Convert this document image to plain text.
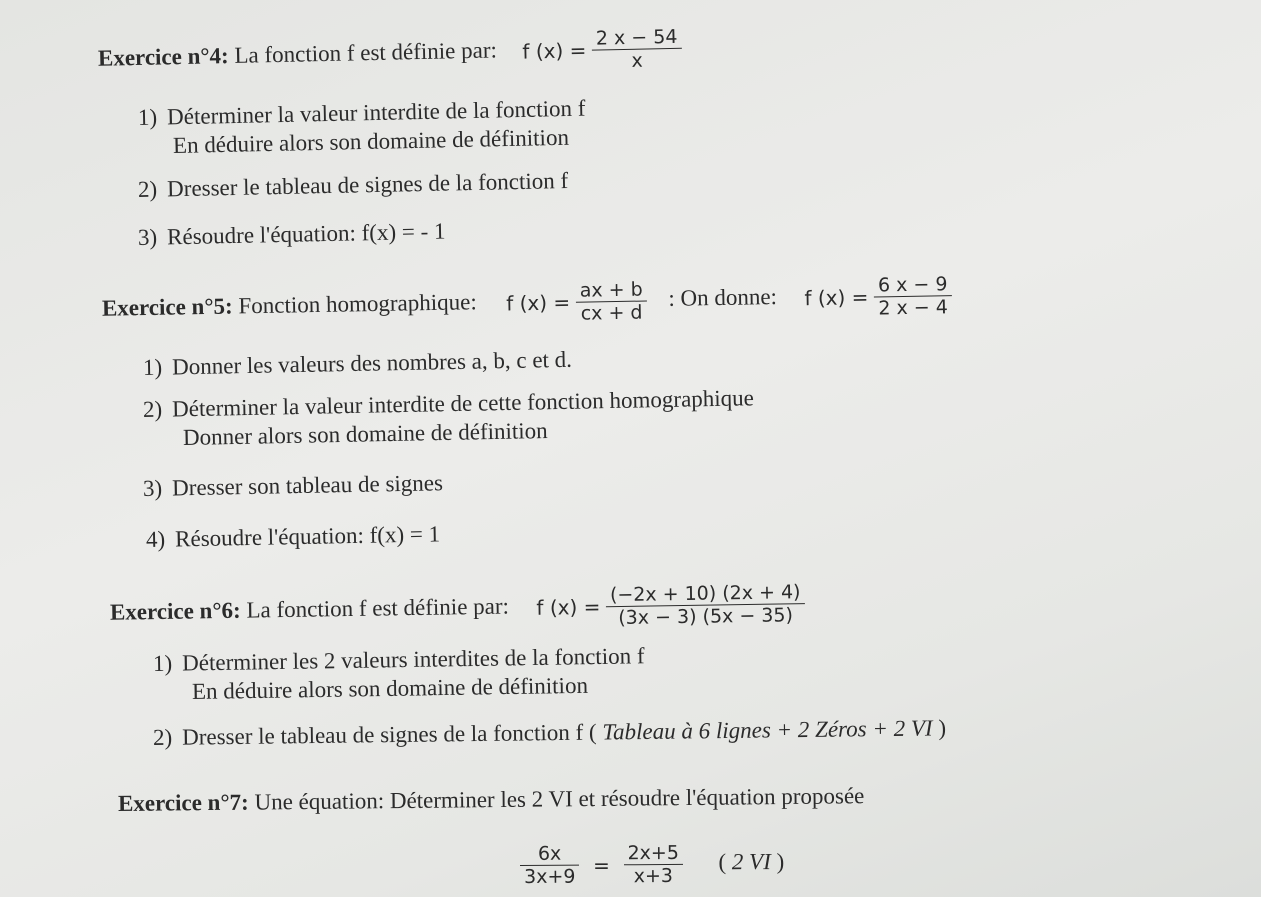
Exercice n°4: La fonction f est définie par: f $(x) = \frac{2 x - 54}{x}$
1) Déterminer la valeur interdite de la fonction f
En déduire alors son domaine de définition
2) Dresser le tableau de signes de la fonction f
3) Résoudre l'équation: f(x) = - 1
Exercice n°5: Fonction homographique: f $(x) = \frac{ax + b}{cx + d}$ : On donne: f $(x) = \frac{6 x - 9}{2 x - 4}$
1) Donner les valeurs des nombres a, b, c et d.
2) Déterminer la valeur interdite de cette fonction homographique
Donner alors son domaine de définition
3) Dresser son tableau de signes
4) Résoudre l'équation: f(x) = 1
Exercice n°6: La fonction f est définie par: f $(x) = \frac{(-2x + 10) (2x + 4)}{(3x - 3) (5x - 35)}$
1) Déterminer les 2 valeurs interdites de la fonction f
En déduire alors son domaine de définition
2) Dresser le tableau de signes de la fonction f ( Tableau à 6 lignes + 2 Zéros + 2 VI )
Exercice n°7: Une équation: Déterminer les 2 VI et résoudre l'équation proposée
$\frac{6x}{3x+9} = \frac{2x+5}{x+3}$ ( 2 VI )
